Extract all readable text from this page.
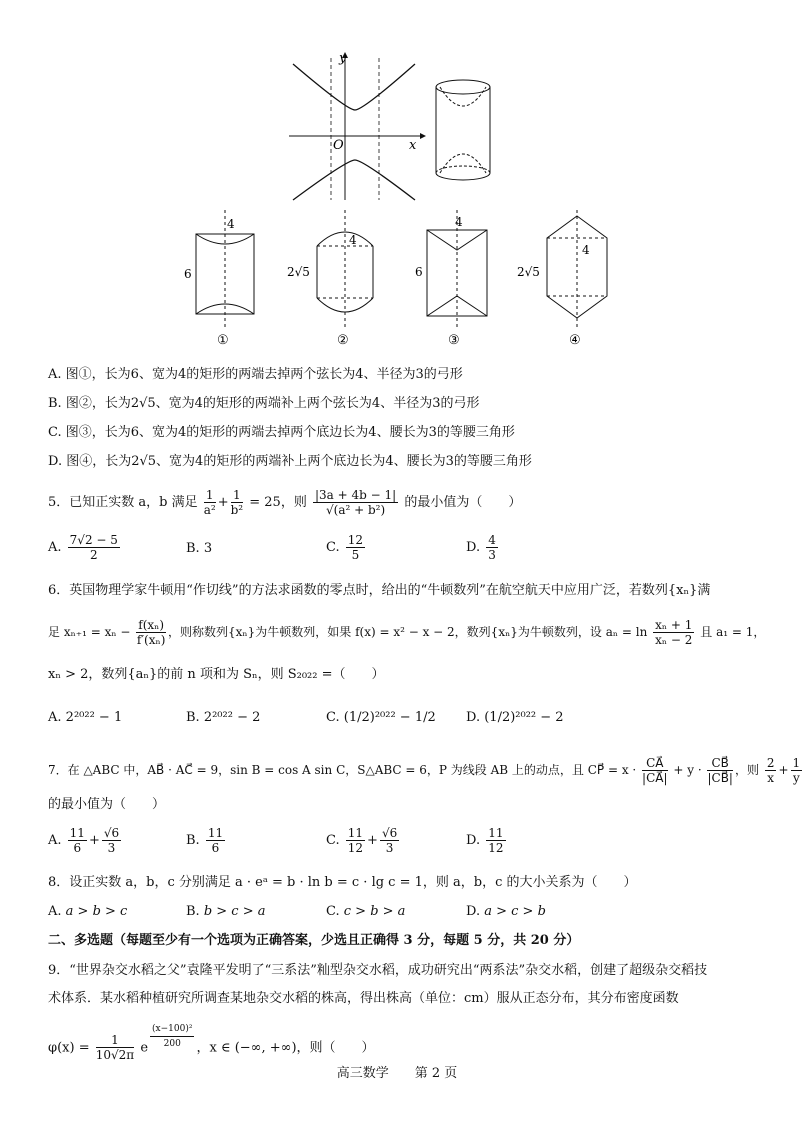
y
x
O
4
6
①
4
2√5
②
4
6
③
4
2√5
④
A. 图①，长为6、宽为4的矩形的两端去掉两个弦长为4、半径为3的弓形
B. 图②，长为2√5、宽为4的矩形的两端补上两个弦长为4、半径为3的弓形
C. 图③，长为6、宽为4的矩形的两端去掉两个底边长为4、腰长为3的等腰三角形
D. 图④，长为2√5、宽为4的矩形的两端补上两个底边长为4、腰长为3的等腰三角形
5．已知正实数 a，b 满足 $\frac{1}{\text{a²}} + \frac{1}{\text{b²}} = 25$，则 $\frac{|3a + 4b - 1|}{\text{√(a² + b²)}}$ 的最小值为（　　）
A. $\frac{7√2 - 5}{2}$	B. 3	C. $\frac{12}{5}$	D. $\frac{4}{3}$
6．英国物理学家牛顿用“作切线”的方法求函数的零点时，给出的“牛顿数列”在航空航天中应用广泛，若数列{xₙ}满
足 $x_{n+1} = x_n - \frac{\text{f(xₙ)}}{\text{f′(xₙ)}}$ ，则称数列{xₙ}为牛顿数列，如果 f(x) = x² − x − 2，数列{xₙ}为牛顿数列，设 $a_n = \ln \frac{\text{xₙ + 1}}{\text{xₙ − 2}}$ 且 a₁ = 1，
xₙ > 2，数列{aₙ}的前 n 项和为 Sₙ，则 S₂₀₂₂ =（　　）
A. 2²⁰²² − 1	B. 2²⁰²² − 2	C. (1/2)²⁰²² − 1/2 D. (1/2)²⁰²² − 2
7．在 △ABC 中，AB⃗ · AC⃗ = 9，sin B = cos A sin C，S△ABC = 6，P 为线段 AB 上的动点，且 CP⃗ = $x \cdot \frac{CA⃗}{|CA⃗|} + y \cdot \frac{CB⃗}{|CB⃗|}$ ，则 $\frac{2}{x} + \frac{1}{y}$
的最小值为（　　）
A. $\frac{11}{6} + \frac{√6}{3}$	B. $\frac{11}{6}$	C. $\frac{11}{12} + \frac{√6}{3}$	D. $\frac{11}{12}$
8．设正实数 a，b，c 分别满足 a · eᵃ = b · ln b = c · lg c = 1，则 a，b，c 的大小关系为（　　）
A. a > b > c	B. b > c > a	C. c > b > a	D. a > c > b
二、多选题（每题至少有一个选项为正确答案，少选且正确得 3 分，每题 5 分，共 20 分）
9．“世界杂交水稻之父”袁隆平发明了“三系法”籼型杂交水稻，成功研究出“两系法”杂交水稻，创建了超级杂交稻技
术体系．某水稻种植研究所调查某地杂交水稻的株高，得出株高（单位：cm）服从正态分布，其分布密度函数
$\varphi(x) = \frac{1}{10√2\pi}$ e $\frac{\text{(x−100)²}}{200}$ ，x ∈ (−∞, +∞)，则（　　）
高三数学　　第 2 页
